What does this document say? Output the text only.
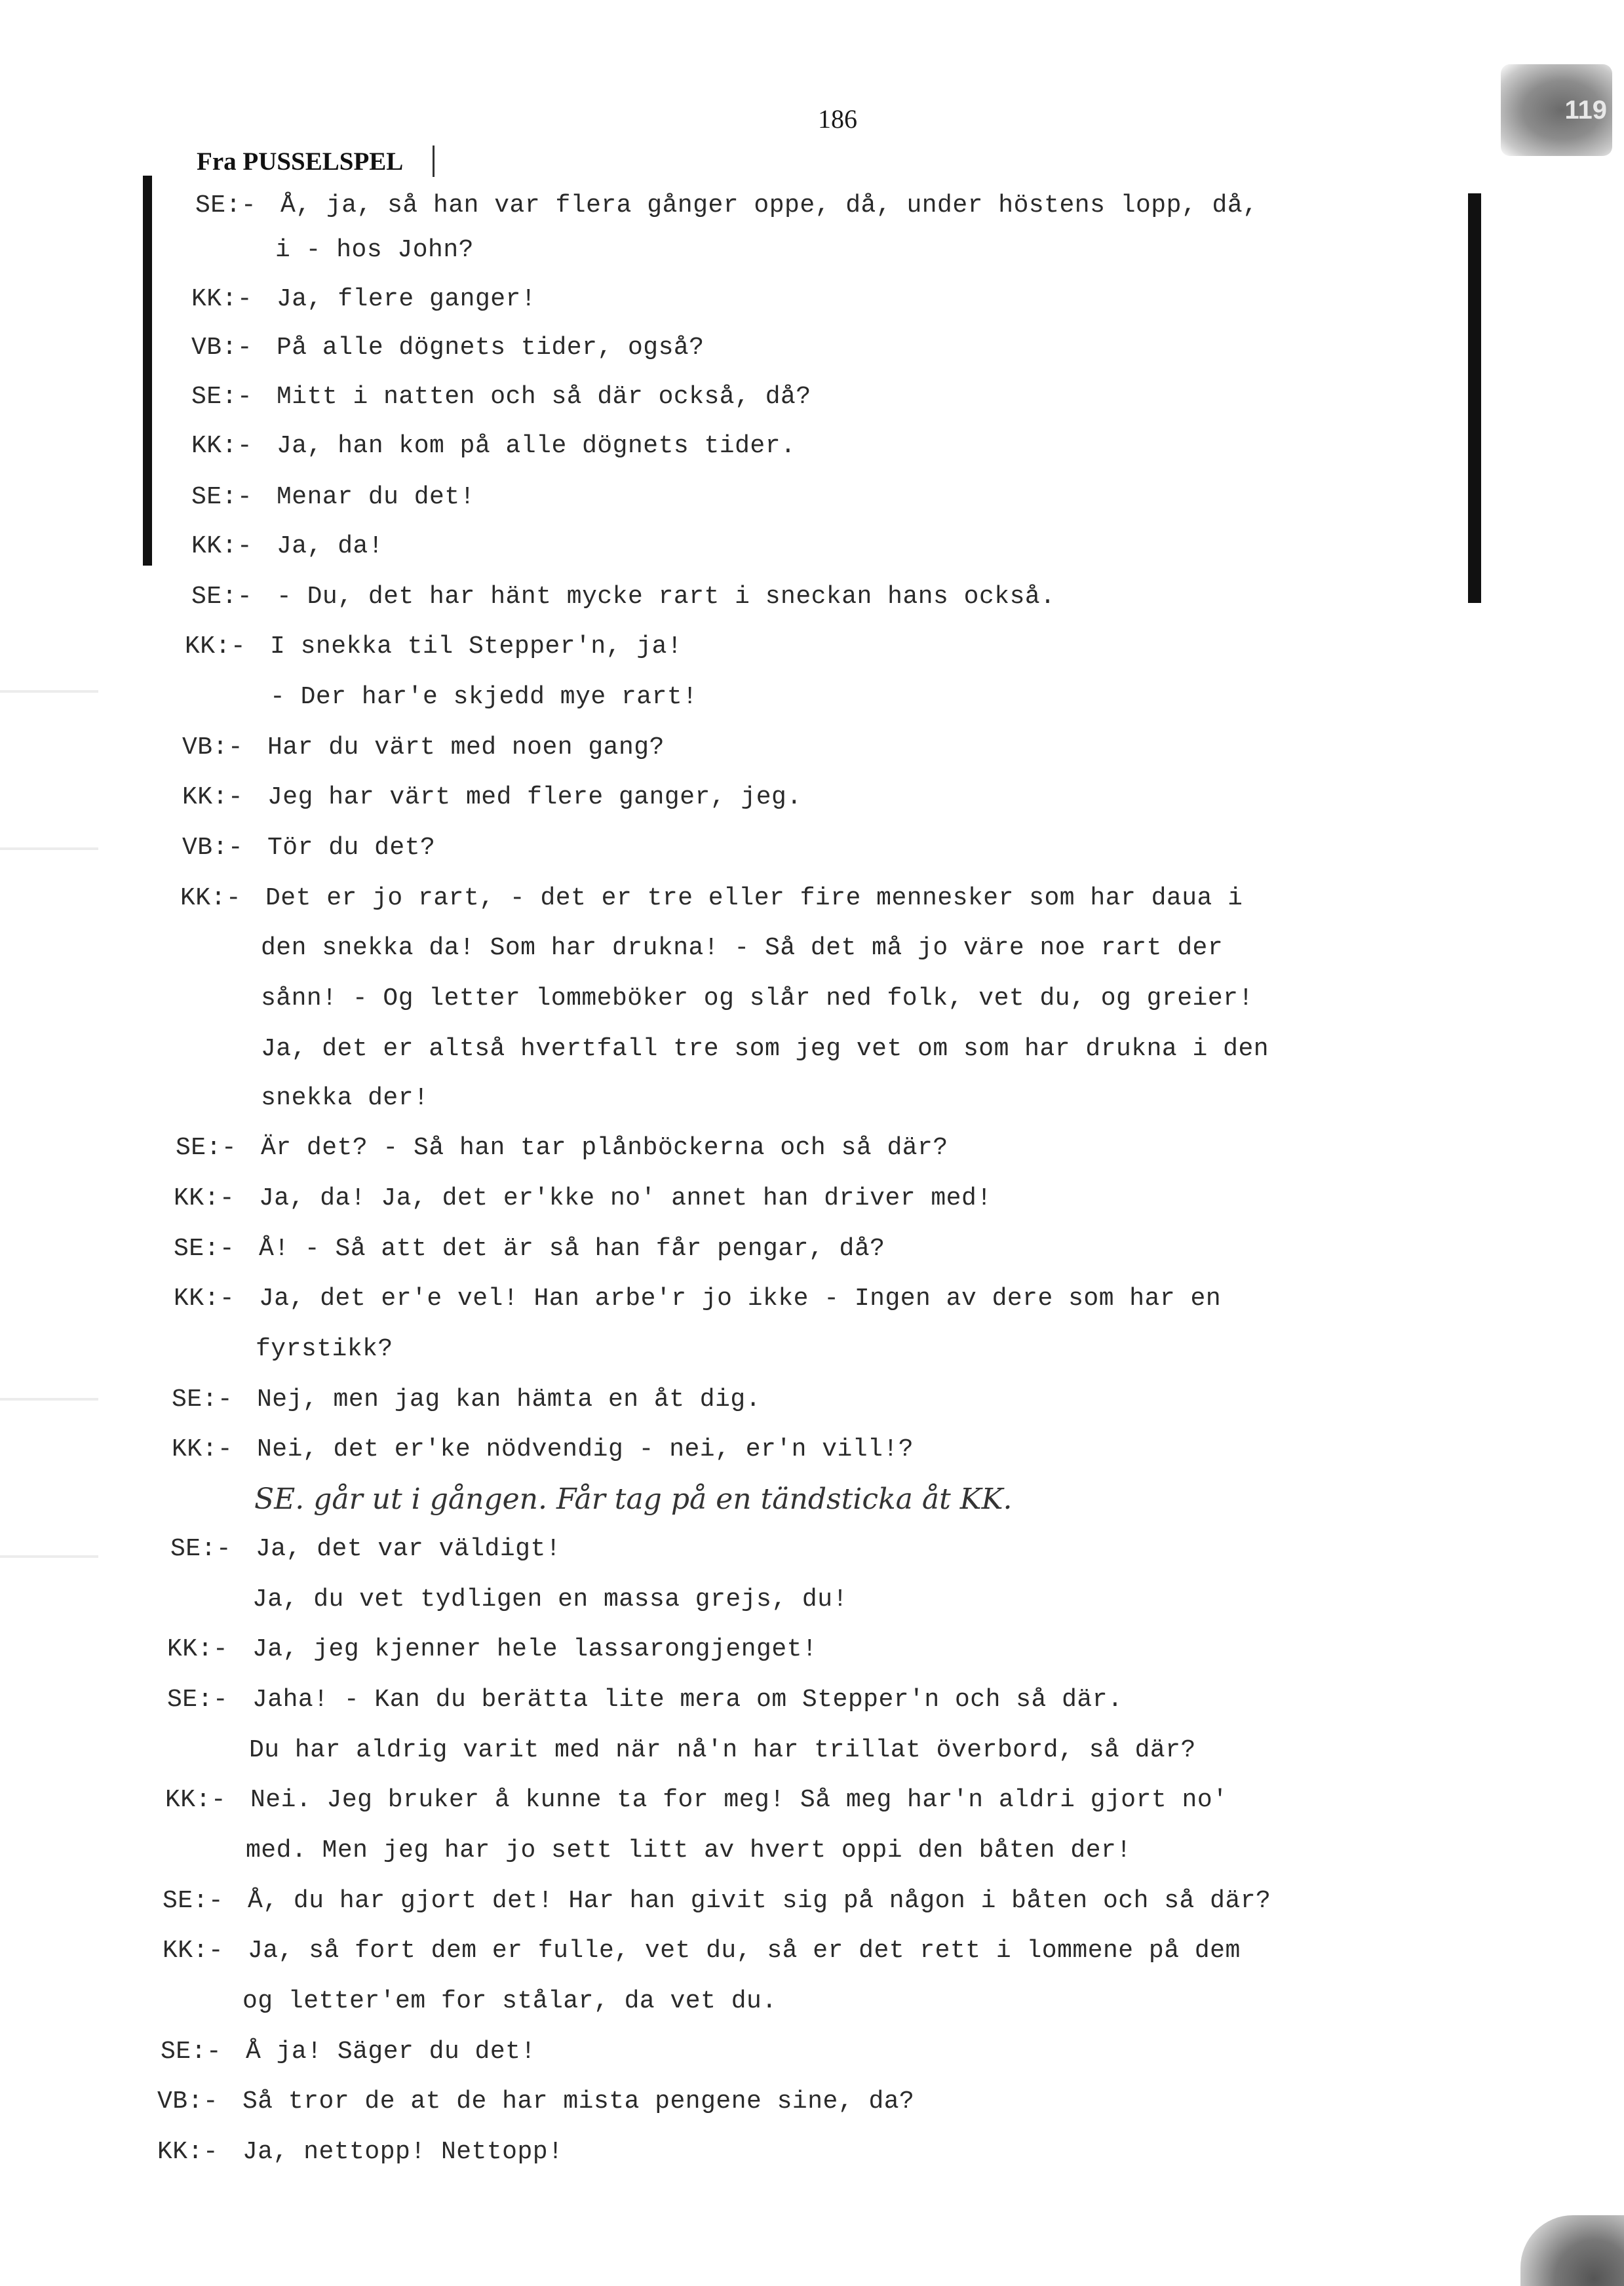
119
186
Fra PUSSELSPEL
SE:- Å, ja, så han var flera gånger oppe, då, under höstens lopp, då,
i - hos John?
KK:- Ja, flere ganger!
VB:- På alle dögnets tider, også?
SE:- Mitt i natten och så där också, då?
KK:- Ja, han kom på alle dögnets tider.
SE:- Menar du det!
KK:- Ja, da!
SE:- - Du, det har hänt mycke rart i sneckan hans också.
KK:- I snekka til Stepper'n, ja!
- Der har'e skjedd mye rart!
VB:- Har du värt med noen gang?
KK:- Jeg har värt med flere ganger, jeg.
VB:- Tör du det?
KK:- Det er jo rart, - det er tre eller fire mennesker som har daua i
den snekka da! Som har drukna! - Så det må jo väre noe rart der
sånn! - Og letter lommeböker og slår ned folk, vet du, og greier!
Ja, det er altså hvertfall tre som jeg vet om som har drukna i den
snekka der!
SE:- Är det? - Så han tar plånböckerna och så där?
KK:- Ja, da! Ja, det er'kke no' annet han driver med!
SE:- Å! - Så att det är så han får pengar, då?
KK:- Ja, det er'e vel! Han arbe'r jo ikke - Ingen av dere som har en
fyrstikk?
SE:- Nej, men jag kan hämta en åt dig.
KK:- Nei, det er'ke nödvendig - nei, er'n vill!?
SE. går ut i gången. Får tag på en tändsticka åt KK.
SE:- Ja, det var väldigt!
Ja, du vet tydligen en massa grejs, du!
KK:- Ja, jeg kjenner hele lassarongjenget!
SE:- Jaha! - Kan du berätta lite mera om Stepper'n och så där.
Du har aldrig varit med när nå'n har trillat överbord, så där?
KK:- Nei. Jeg bruker å kunne ta for meg! Så meg har'n aldri gjort no'
med. Men jeg har jo sett litt av hvert oppi den båten der!
SE:- Å, du har gjort det! Har han givit sig på någon i båten och så där?
KK:- Ja, så fort dem er fulle, vet du, så er det rett i lommene på dem
og letter'em for stålar, da vet du.
SE:- Å ja! Säger du det!
VB:- Så tror de at de har mista pengene sine, da?
KK:- Ja, nettopp! Nettopp!
